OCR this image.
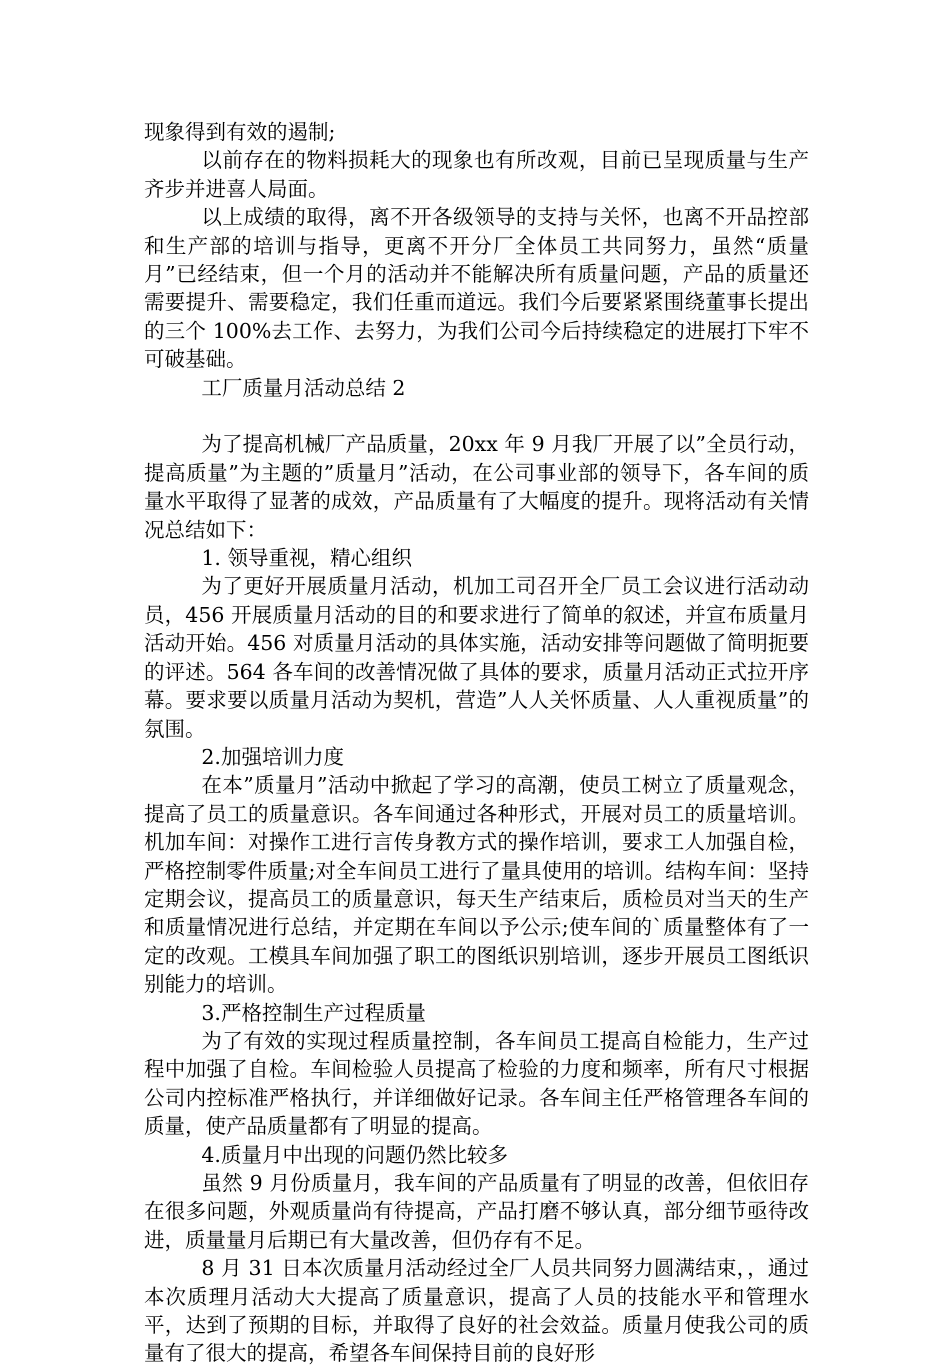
现象得到有效的遏制;

以前存在的物料损耗大的现象也有所改观，目前已呈现质量与生产齐步并进喜人局面。

以上成绩的取得，离不开各级领导的支持与关怀，也离不开品控部和生产部的培训与指导，更离不开分厂全体员工共同努力，虽然“质量月”已经结束，但一个月的活动并不能解决所有质量问题，产品的质量还需要提升、需要稳定，我们任重而道远。我们今后要紧紧围绕董事长提出的三个 100%去工作、去努力，为我们公司今后持续稳定的进展打下牢不可破基础。

工厂质量月活动总结 2

为了提高机械厂产品质量，20xx 年 9 月我厂开展了以”全员行动，提高质量”为主题的”质量月”活动，在公司事业部的领导下，各车间的质量水平取得了显著的成效，产品质量有了大幅度的提升。现将活动有关情况总结如下：

1. 领导重视，精心组织

为了更好开展质量月活动，机加工司召开全厂员工会议进行活动动员，456 开展质量月活动的目的和要求进行了简单的叙述，并宣布质量月活动开始。456 对质量月活动的具体实施，活动安排等问题做了简明扼要的评述。564 各车间的改善情况做了具体的要求，质量月活动正式拉开序幕。要求要以质量月活动为契机，营造”人人关怀质量、人人重视质量”的氛围。

2.加强培训力度

在本”质量月”活动中掀起了学习的高潮，使员工树立了质量观念，提高了员工的质量意识。各车间通过各种形式，开展对员工的质量培训。机加车间：对操作工进行言传身教方式的操作培训，要求工人加强自检，严格控制零件质量;对全车间员工进行了量具使用的培训。结构车间：坚持定期会议，提高员工的质量意识，每天生产结束后，质检员对当天的生产和质量情况进行总结，并定期在车间以予公示;使车间的`质量整体有了一定的改观。工模具车间加强了职工的图纸识别培训，逐步开展员工图纸识别能力的培训。

3.严格控制生产过程质量

为了有效的实现过程质量控制，各车间员工提高自检能力，生产过程中加强了自检。车间检验人员提高了检验的力度和频率，所有尺寸根据公司内控标准严格执行，并详细做好记录。各车间主任严格管理各车间的质量，使产品质量都有了明显的提高。

4.质量月中出现的问题仍然比较多

虽然 9 月份质量月，我车间的产品质量有了明显的改善，但依旧存在很多问题，外观质量尚有待提高，产品打磨不够认真，部分细节亟待改进，质量量月后期已有大量改善，但仍存有不足。

8 月 31 日本次质量月活动经过全厂人员共同努力圆满结束，，通过本次质理月活动大大提高了质量意识，提高了人员的技能水平和管理水平，达到了预期的目标，并取得了良好的社会效益。质量月使我公司的质量有了很大的提高，希望各车间保持目前的良好形
